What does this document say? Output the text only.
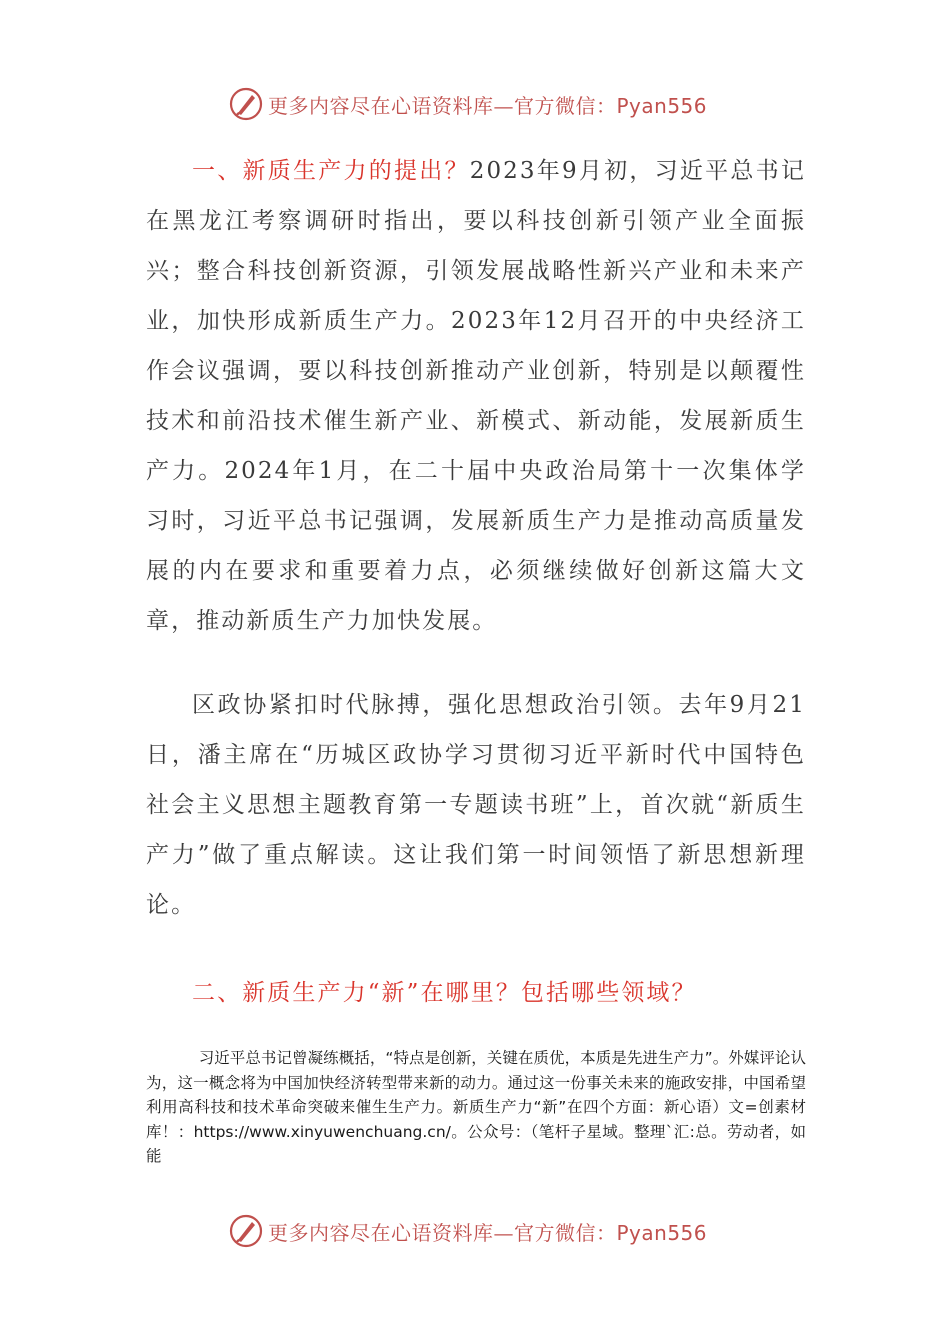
更多内容尽在心语资料库—官方微信：Pyan556

一、新质生产力的提出？2023年9月初，习近平总书记在黑龙江考察调研时指出，要以科技创新引领产业全面振兴；整合科技创新资源，引领发展战略性新兴产业和未来产业，加快形成新质生产力。2023年12月召开的中央经济工作会议强调，要以科技创新推动产业创新，特别是以颠覆性技术和前沿技术催生新产业、新模式、新动能，发展新质生产力。2024年1月，在二十届中央政治局第十一次集体学习时，习近平总书记强调，发展新质生产力是推动高质量发展的内在要求和重要着力点，必须继续做好创新这篇大文章，推动新质生产力加快发展。

区政协紧扣时代脉搏，强化思想政治引领。去年9月21日，潘主席在“历城区政协学习贯彻习近平新时代中国特色社会主义思想主题教育第一专题读书班”上，首次就“新质生产力”做了重点解读。这让我们第一时间领悟了新思想新理论。

二、新质生产力“新”在哪里？包括哪些领域？

习近平总书记曾凝练概括，“特点是创新，关键在质优，本质是先进生产力”。外媒评论认为，这一概念将为中国加快经济转型带来新的动力。通过这一份事关未来的施政安排，中国希望利用高科技和技术革命突破来催生生产力。新质生产力“新”在四个方面：新心语）文=创素材库！：https://www.xinyuwenchuang.cn/。公众号：（笔杆子星域。整理`汇:总。劳动者，如能

更多内容尽在心语资料库—官方微信：Pyan556
